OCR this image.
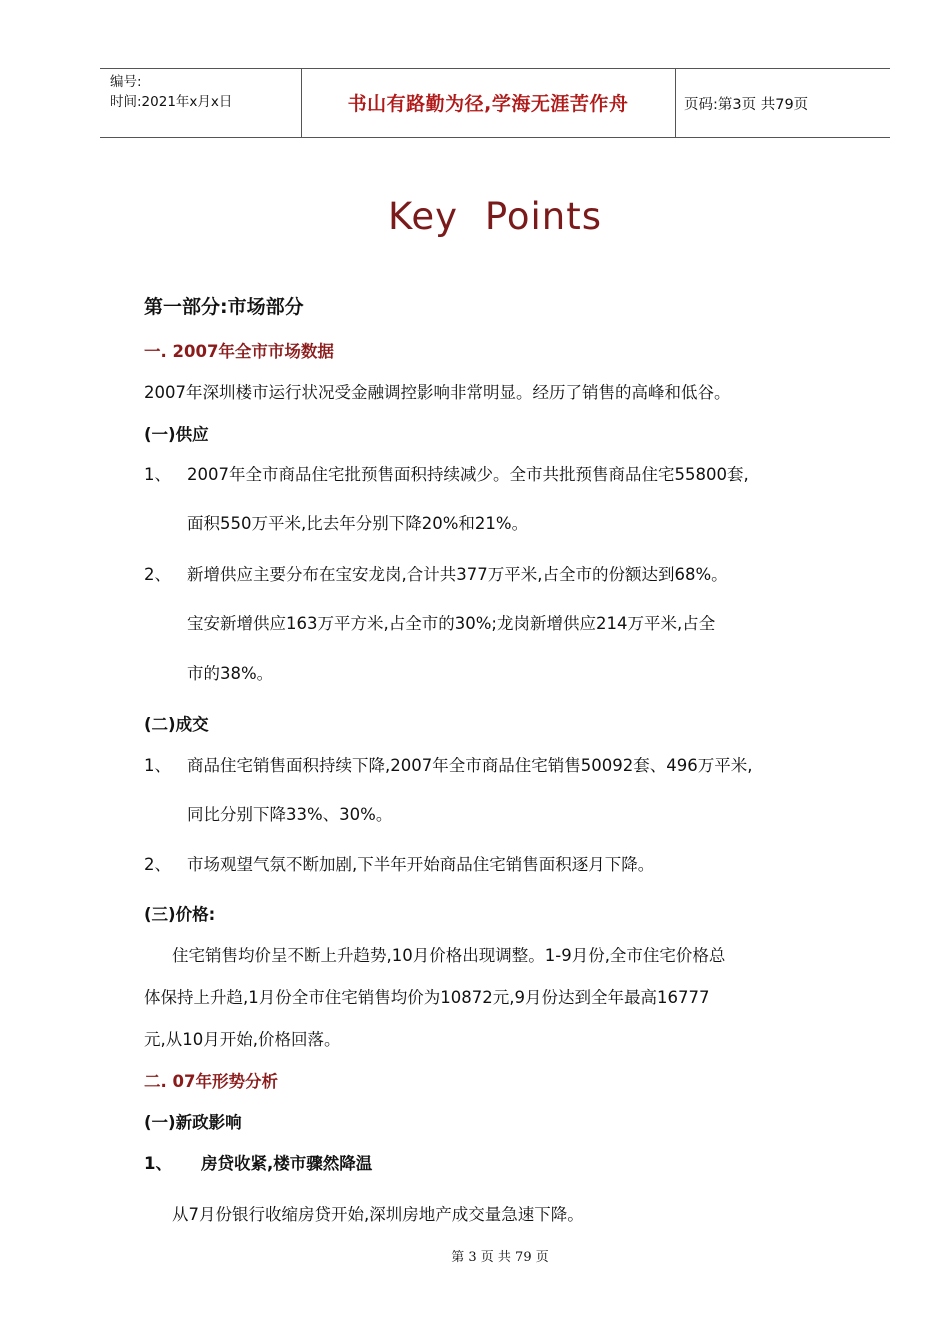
编号:
时间:2021年x月x日	书山有路勤为径,学海无涯苦作舟	页码:第3页 共79页
Key Points
第一部分:市场部分
一. 2007年全市市场数据
2007年深圳楼市运行状况受金融调控影响非常明显。经历了销售的高峰和低谷。
(一)供应
1、 2007年全市商品住宅批预售面积持续减少。全市共批预售商品住宅55800套,
面积550万平米,比去年分别下降20%和21%。
2、 新增供应主要分布在宝安龙岗,合计共377万平米,占全市的份额达到68%。
宝安新增供应163万平方米,占全市的30%;龙岗新增供应214万平米,占全
市的38%。
(二)成交
1、 商品住宅销售面积持续下降,2007年全市商品住宅销售50092套、496万平米,
同比分别下降33%、30%。
2、 市场观望气氛不断加剧,下半年开始商品住宅销售面积逐月下降。
(三)价格:

住宅销售均价呈不断上升趋势,10月价格出现调整。1-9月份,全市住宅价格总

体保持上升趋,1月份全市住宅销售均价为10872元,9月份达到全年最高16777

元,从10月开始,价格回落。

二. 07年形势分析
(一)新政影响
1、 房贷收紧,楼市骤然降温
从7月份银行收缩房贷开始,深圳房地产成交量急速下降。
第 3 页 共 79 页
